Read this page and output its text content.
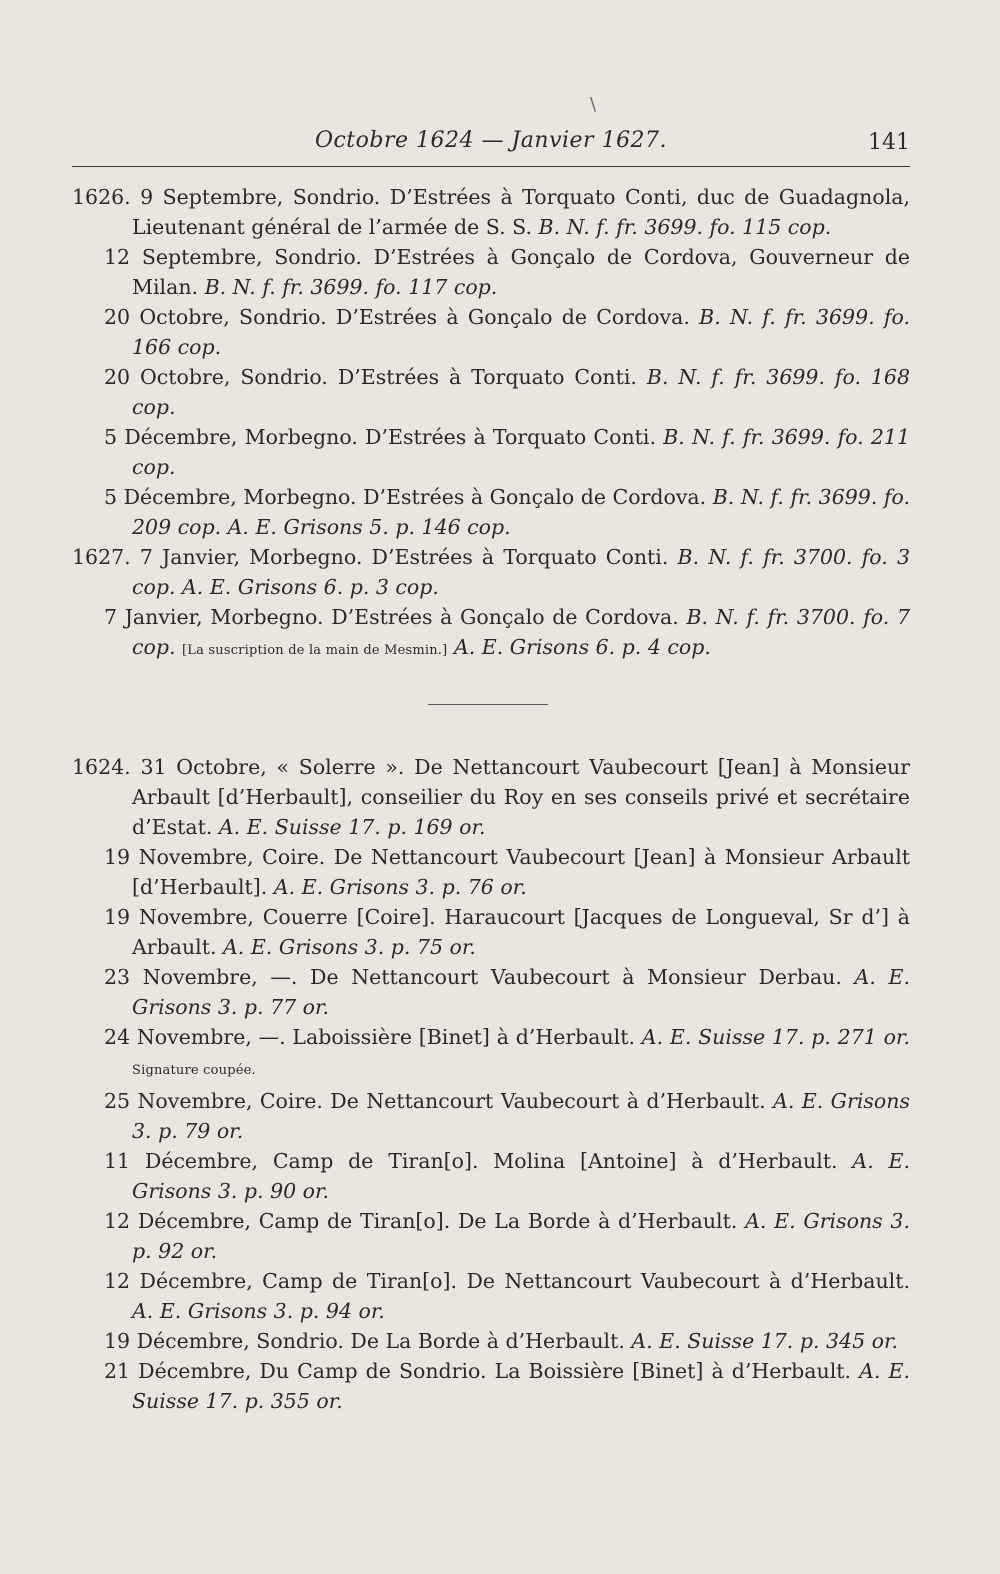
\
Octobre 1624 — Janvier 1627.	141

1626. 9 Septembre, Sondrio. D’Estrées à Torquato Conti, duc de Guadagnola, Lieutenant général de l’armée de S. S. B. N. f. fr. 3699. fo. 115 cop.

12 Septembre, Sondrio. D’Estrées à Gonçalo de Cordova, Gouverneur de Milan. B. N. f. fr. 3699. fo. 117 cop.

20 Octobre, Sondrio. D’Estrées à Gonçalo de Cordova. B. N. f. fr. 3699. fo. 166 cop.

20 Octobre, Sondrio. D’Estrées à Torquato Conti. B. N. f. fr. 3699. fo. 168 cop.

5 Décembre, Morbegno. D’Estrées à Torquato Conti. B. N. f. fr. 3699. fo. 211 cop.

5 Décembre, Morbegno. D’Estrées à Gonçalo de Cordova. B. N. f. fr. 3699. fo. 209 cop. A. E. Grisons 5. p. 146 cop.

1627. 7 Janvier, Morbegno. D’Estrées à Torquato Conti. B. N. f. fr. 3700. fo. 3 cop. A. E. Grisons 6. p. 3 cop.

7 Janvier, Morbegno. D’Estrées à Gonçalo de Cordova. B. N. f. fr. 3700. fo. 7 cop. [La suscription de la main de Mesmin.] A. E. Grisons 6. p. 4 cop.

1624. 31 Octobre, « Solerre ». De Nettancourt Vaubecourt [Jean] à Monsieur Arbault [d’Herbault], conseilier du Roy en ses conseils privé et secrétaire d’Estat. A. E. Suisse 17. p. 169 or.

19 Novembre, Coire. De Nettancourt Vaubecourt [Jean] à Monsieur Arbault [d’Herbault]. A. E. Grisons 3. p. 76 or.

19 Novembre, Couerre [Coire]. Haraucourt [Jacques de Longueval, Sr d’] à Arbault. A. E. Grisons 3. p. 75 or.

23 Novembre, —. De Nettancourt Vaubecourt à Monsieur Derbau. A. E. Grisons 3. p. 77 or.

24 Novembre, —. Laboissière [Binet] à d’Herbault. A. E. Suisse 17. p. 271 or. Signature coupée.

25 Novembre, Coire. De Nettancourt Vaubecourt à d’Herbault. A. E. Grisons 3. p. 79 or.

11 Décembre, Camp de Tiran[o]. Molina [Antoine] à d’Herbault. A. E. Grisons 3. p. 90 or.

12 Décembre, Camp de Tiran[o]. De La Borde à d’Herbault. A. E. Grisons 3. p. 92 or.

12 Décembre, Camp de Tiran[o]. De Nettancourt Vaubecourt à d’Herbault. A. E. Grisons 3. p. 94 or.

19 Décembre, Sondrio. De La Borde à d’Herbault. A. E. Suisse 17. p. 345 or.

21 Décembre, Du Camp de Sondrio. La Boissière [Binet] à d’Herbault. A. E. Suisse 17. p. 355 or.
